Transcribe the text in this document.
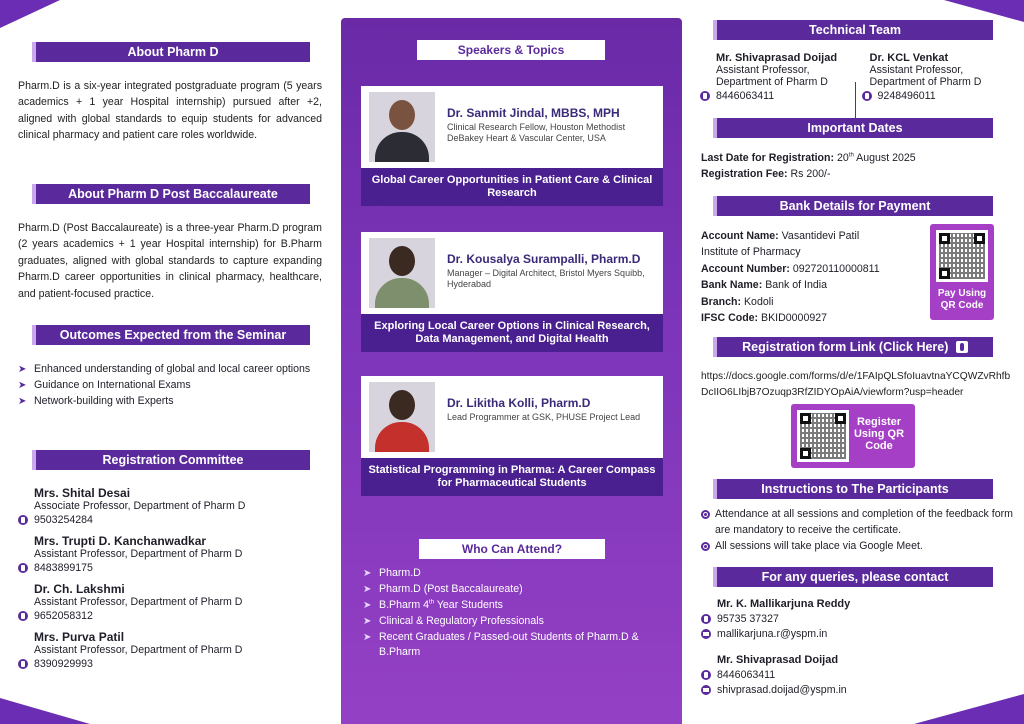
About Pharm D

Pharm.D is a six-year integrated postgraduate program (5 years academics + 1 year Hospital internship) pursued after +2, aligned with global standards to equip students for advanced clinical pharmacy and patient care roles worldwide.

About Pharm D Post Baccalaureate

Pharm.D (Post Baccalaureate) is a three-year Pharm.D program (2 years academics + 1 year Hospital internship) for B.Pharm graduates, aligned with global standards to capture expanding Pharm.D career opportunities in clinical pharmacy, healthcare, and patient-focused practice.

Outcomes Expected from the Seminar
➤ Enhanced understanding of global and local career options
➤ Guidance on International Exams
➤ Network-building with Experts
Registration Committee
Mrs. Shital Desai
Associate Professor, Department of Pharm D
9503254284
Mrs. Trupti D. Kanchanwadkar
Assistant Professor, Department of Pharm D
8483899175
Dr. Ch. Lakshmi
Assistant Professor, Department of Pharm D
9652058312
Mrs. Purva Patil
Assistant Professor, Department of Pharm D
8390929993
Speakers & Topics
Dr. Sanmit Jindal, MBBS, MPH
Clinical Research Fellow, Houston Methodist DeBakey Heart & Vascular Center, USA
Global Career Opportunities in Patient Care & Clinical Research
Dr. Kousalya Surampalli, Pharm.D
Manager – Digital Architect, Bristol Myers Squibb, Hyderabad
Exploring Local Career Options in Clinical Research, Data Management, and Digital Health
Dr. Likitha Kolli, Pharm.D
Lead Programmer at GSK, PHUSE Project Lead
Statistical Programming in Pharma: A Career Compass for Pharmaceutical Students
Who Can Attend?
➤ Pharm.D
➤ Pharm.D (Post Baccalaureate)
➤ B.Pharm 4th Year Students
➤ Clinical & Regulatory Professionals
➤ Recent Graduates / Passed-out Students of Pharm.D & B.Pharm
Technical Team
Mr. Shivaprasad Doijad
Assistant Professor,
Department of Pharm D
8446063411
Dr. KCL Venkat
Assistant Professor,
Department of Pharm D
9248496011
Important Dates
Last Date for Registration: 20th August 2025
Registration Fee: Rs 200/-
Bank Details for Payment
Account Name: Vasantidevi Patil
Institute of Pharmacy
Account Number: 092720110000811
Bank Name: Bank of India
Branch: Kodoli
IFSC Code: BKID0000927
Pay Using QR Code
Registration form Link (Click Here)
https://docs.google.com/forms/d/e/1FAIpQLSfoIuavtnaYCQWZvRhfbDcIIO6LIbjB7Ozuqp3RfZIDYOpAiA/viewform?usp=header
Register Using QR Code
Instructions to The Participants
Attendance at all sessions and completion of the feedback form are mandatory to receive the certificate.
All sessions will take place via Google Meet.
For any queries, please contact
Mr. K. Mallikarjuna Reddy
95735 37327
mallikarjuna.r@yspm.in
Mr. Shivaprasad Doijad
8446063411
shivprasad.doijad@yspm.in
